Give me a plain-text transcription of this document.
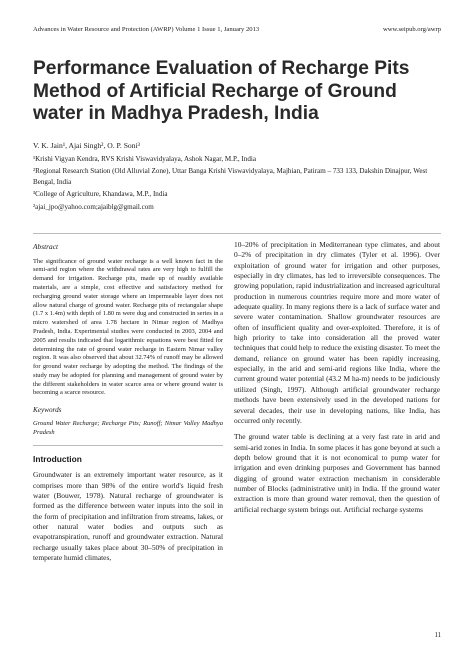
Advances in Water Resource and Protection (AWRP) Volume 1 Issue 1, January 2013	www.seipub.org/awrp
Performance Evaluation of Recharge Pits Method of Artificial Recharge of Ground water in Madhya Pradesh, India
V. K. Jain¹, Ajai Singh², O. P. Soni³
¹Krishi Vigyan Kendra, RVS Krishi Viswavidyalaya, Ashok Nagar, M.P., India
²Regional Research Station (Old Alluvial Zone), Uttar Banga Krishi Viswavidyalaya, Majhian, Patiram – 733 133, Dakshin Dinajpur, West Bengal, India
³College of Agriculture, Khandawa, M.P., India
²ajai_jpo@yahoo.com;ajaiblg@gmail.com
Abstract
The significance of ground water recharge is a well known fact in the semi-arid region where the withdrawal rates are very high to fulfill the demand for irrigation. Recharge pits, made up of readily available materials, are a simple, cost effective and satisfactory method for recharging ground water storage where an impermeable layer does not allow natural charge of ground water. Recharge pits of rectangular shape (1.7 x 1.4m) with depth of 1.80 m were dug and constructed in series in a micro watershed of area 1.78 hectare in Nimar region of Madhya Pradesh, India. Experimental studies were conducted in 2003, 2004 and 2005 and results indicated that logarithmic equations were best fitted for determining the rate of ground water recharge in Eastern Nimar valley region. It was also observed that about 32.74% of runoff may be allowed for ground water recharge by adopting the method. The findings of the study may be adopted for planning and management of ground water by the different stakeholders in water scarce area or where ground water is becoming a scarce resource.
Keywords
Ground Water Recharge; Recharge Pits; Runoff; Nimar Valley Madhya Pradesh
Introduction
Groundwater is an extremely important water resource, as it comprises more than 98% of the entire world's liquid fresh water (Bouwer, 1978). Natural recharge of groundwater is formed as the difference between water inputs into the soil in the form of precipitation and infiltration from streams, lakes, or other natural water bodies and outputs such as evapotranspiration, runoff and groundwater extraction. Natural recharge usually takes place about 30–50% of precipitation in temperate humid climates,

10–20% of precipitation in Mediterranean type climates, and about 0–2% of precipitation in dry climates (Tyler et al. 1996). Over exploitation of ground water for irrigation and other purposes, especially in dry climates, has led to irreversible consequences. The growing population, rapid industrialization and increased agricultural production in numerous countries require more and more water of adequate quality. In many regions there is a lack of surface water and severe water contamination. Shallow groundwater resources are often of insufficient quality and over-exploited. Therefore, it is of high priority to take into consideration all the proved water techniques that could help to reduce the existing disaster. To meet the demand, reliance on ground water has been rapidly increasing, especially, in the arid and semi-arid regions like India, where the current ground water potential (43.2 M ha-m) needs to be judiciously utilized (Singh, 1997). Although artificial groundwater recharge methods have been extensively used in the developed nations for several decades, their use in developing nations, like India, has occurred only recently.

The ground water table is declining at a very fast rate in arid and semi-arid zones in India. In some places it has gone beyond at such a depth below ground that it is not economical to pump water for irrigation and even drinking purposes and Government has banned digging of ground water extraction mechanism in considerable number of Blocks (administrative unit) in India. If the ground water extraction is more than ground water removal, then the question of artificial recharge system brings out. Artificial recharge systems

11
